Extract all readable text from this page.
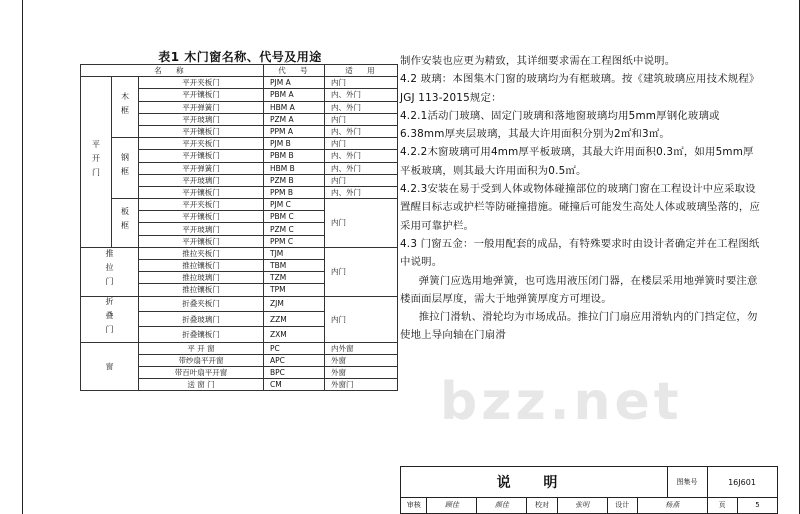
表1 木门窗名称、代号及用途
名 称			代 号	适 用
平开门	木框	平开夹板门	PJM A	内门
		平开镶板门	PBM A	内、外门
		平开弹簧门	HBM A	内、外门
		平开玻璃门	PZM A	内门
		平开镶板门	PPM A	内、外门
	钢框	平开夹板门	PJM B	内门
		平开镶板门	PBM B	内、外门
		平开弹簧门	HBM B	内、外门
		平开玻璃门	PZM B	内门
		平开镶板门	PPM B	内、外门
	板框	平开夹板门	PJM C	内门
		平开镶板门	PBM C	
		平开玻璃门	PZM C	
		平开镶板门	PPM C	
推拉门		推拉夹板门	TJM	内门
		推拉镶板门	TBM	
		推拉玻璃门	TZM	
		推拉镶板门	TPM	
折叠门		折叠夹板门	ZJM	内门
		折叠玻璃门	ZZM	
		折叠镶板门	ZXM	
窗		平 开 窗	PC	内外窗
		带纱扇平开窗	APC	外窗
		带百叶扇平开窗	BPC	外窗
		送 窗 门	CM	外窗门

制作安装也应更为精致，其详细要求需在工程图纸中说明。

4.2 玻璃：本图集木门窗的玻璃均为有框玻璃。按《建筑玻璃应用技术规程》JGJ 113-2015规定：

4.2.1活动门玻璃、固定门玻璃和落地窗玻璃均用5mm厚钢化玻璃或6.38mm厚夹层玻璃，其最大许用面积分别为2㎡和3㎡。

4.2.2木窗玻璃可用4mm厚平板玻璃，其最大许用面积0.3㎡，如用5mm厚平板玻璃，则其最大许用面积为0.5㎡。

4.2.3安装在易于受到人体或物体碰撞部位的玻璃门窗在工程设计中应采取设置醒目标志或护栏等防碰撞措施。碰撞后可能发生高处人体或玻璃坠落的，应采用可靠护栏。

4.3 门窗五金：一般用配套的成品，有特殊要求时由设计者确定并在工程图纸中说明。

弹簧门应选用地弹簧，也可选用液压闭门器，在楼层采用地弹簧时要注意楼面面层厚度，需大于地弹簧厚度方可埋设。

推拉门滑轨、滑轮均为市场成品。推拉门门扇应用滑轨内的门挡定位，勿使地上导向轴在门扇滑

bzz.net
说 明	图集号	16J601
审核	顾佳	颜佳	校对	张明	设计	杨燕	页	5
